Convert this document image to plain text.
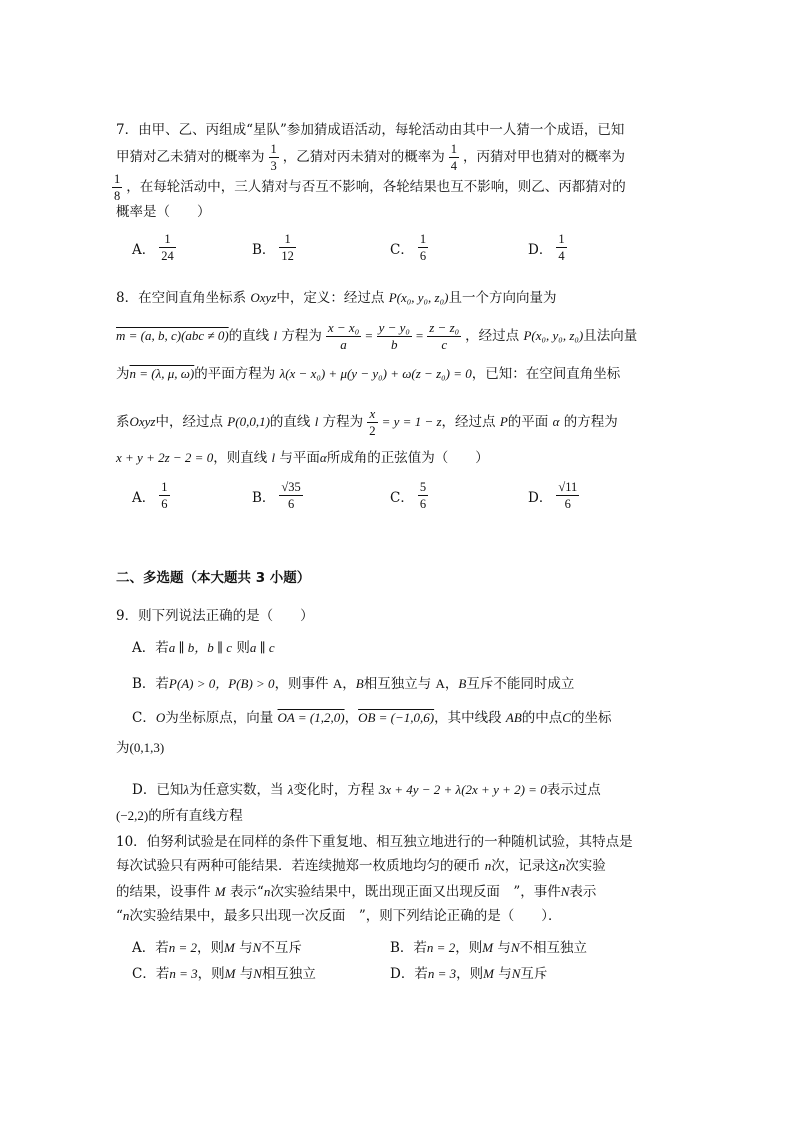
7．由甲、乙、丙组成“星队”参加猜成语活动，每轮活动由其中一人猜一个成语，已知
甲猜对乙未猜对的概率为 $\frac{1}{3}$ ，乙猜对丙未猜对的概率为 $\frac{1}{4}$ ，丙猜对甲也猜对的概率为
$\frac{1}{8}$ ，在每轮活动中，三人猜对与否互不影响，各轮结果也互不影响，则乙、丙都猜对的
概率是（　　）
A． $\frac{1}{24}$	B． $\frac{1}{12}$	C． $\frac{1}{6}$	D． $\frac{1}{4}$
8．在空间直角坐标系 Oxyz中，定义：经过点 P(x₀, y₀, z₀)且一个方向向量为
m = (a, b, c)(abc ≠ 0)的直线 l 方程为 $\frac{\text{x − x₀}}{a} = \frac{\text{y − y₀}}{b} = \frac{\text{z − z₀}}{c}$ ，经过点 P(x₀, y₀, z₀)且法向量
为n = (λ, μ, ω)的平面方程为 λ(x − x₀) + μ(y − y₀) + ω(z − z₀) = 0，已知：在空间直角坐标
系Oxyz中，经过点 P(0,0,1)的直线 l 方程为 $\frac{x}{2} = y = 1 - z$，经过点 P的平面 α 的方程为
x + y + 2z − 2 = 0，则直线 l 与平面α所成角的正弦值为（　　）
A． $\frac{1}{6}$	B． $\frac{√35}{6}$	C． $\frac{5}{6}$	D． $\frac{√11}{6}$
二、多选题（本大题共 3 小题）
9．则下列说法正确的是（　　）
A．若a ∥ b，b ∥ c 则a ∥ c
B．若P(A) > 0，P(B) > 0，则事件 A，B相互独立与 A，B互斥不能同时成立
C．O为坐标原点，向量 OA = (1,2,0)，OB = (−1,0,6)，其中线段 AB的中点C的坐标
为(0,1,3)
D．已知λ为任意实数，当 λ变化时，方程 3x + 4y − 2 + λ(2x + y + 2) = 0表示过点
(−2,2)的所有直线方程
10．伯努利试验是在同样的条件下重复地、相互独立地进行的一种随机试验，其特点是
每次试验只有两种可能结果．若连续抛郑一枚质地均匀的硬币 n次，记录这n次实验
的结果，设事件 M 表示“n次实验结果中，既出现正面又出现反面　”，事件N表示
“n次实验结果中，最多只出现一次反面　”，则下列结论正确的是（　　）．
A．若n = 2，则M 与N不互斥	B．若n = 2，则M 与N不相互独立
C．若n = 3，则M 与N相互独立	D．若n = 3，则M 与N互斥
